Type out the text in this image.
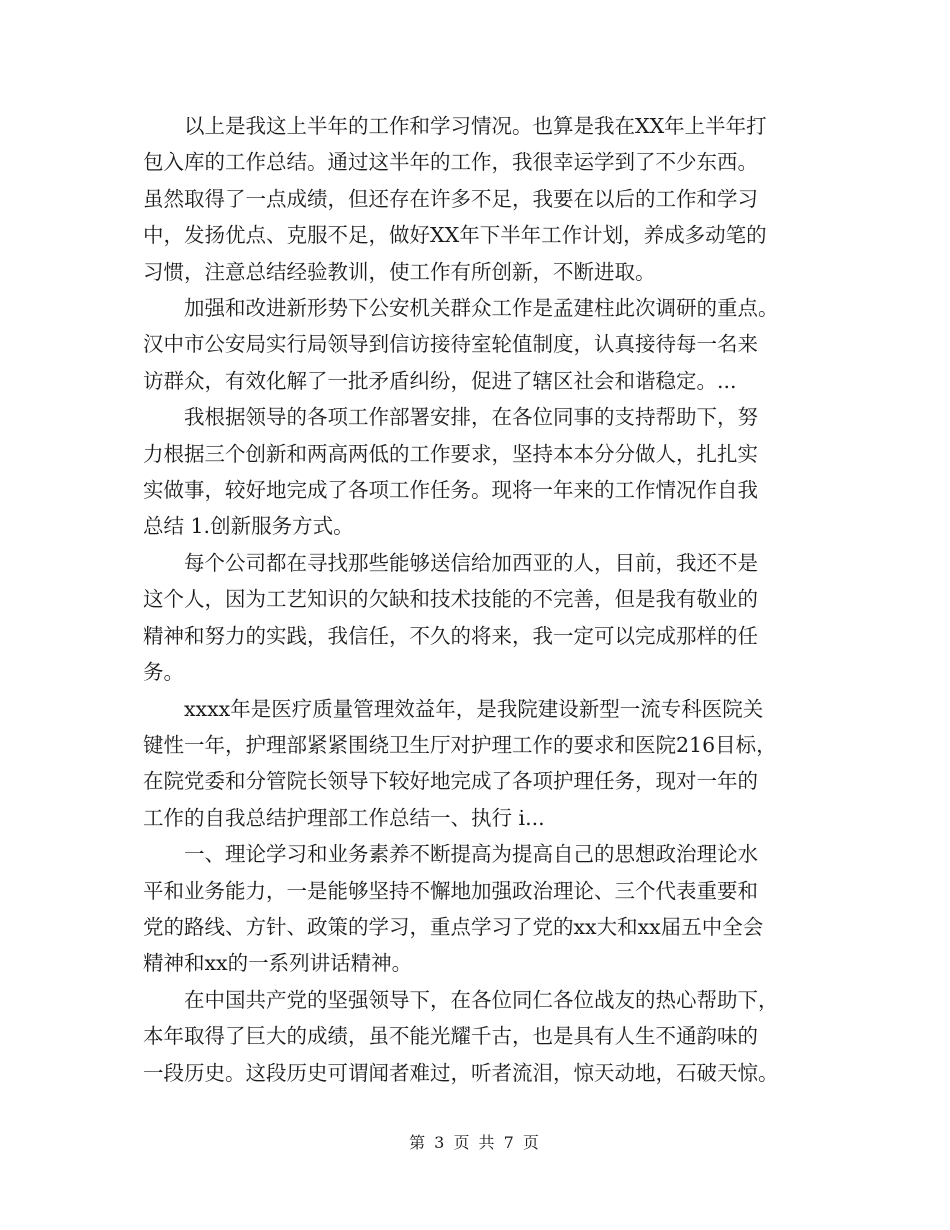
以上是我这上半年的工作和学习情况。也算是我在XX年上半年打
包入库的工作总结。通过这半年的工作，我很幸运学到了不少东西。
虽然取得了一点成绩，但还存在许多不足，我要在以后的工作和学习
中，发扬优点、克服不足，做好XX年下半年工作计划，养成多动笔的
习惯，注意总结经验教训，使工作有所创新，不断进取。
加强和改进新形势下公安机关群众工作是孟建柱此次调研的重点。
汉中市公安局实行局领导到信访接待室轮值制度，认真接待每一名来
访群众，有效化解了一批矛盾纠纷，促进了辖区社会和谐稳定。...
我根据领导的各项工作部署安排，在各位同事的支持帮助下，努
力根据三个创新和两高两低的工作要求，坚持本本分分做人，扎扎实
实做事，较好地完成了各项工作任务。现将一年来的工作情况作自我
总结 1.创新服务方式。
每个公司都在寻找那些能够送信给加西亚的人，目前，我还不是
这个人，因为工艺知识的欠缺和技术技能的不完善，但是我有敬业的
精神和努力的实践，我信任，不久的将来，我一定可以完成那样的任
务。
xxxx年是医疗质量管理效益年，是我院建设新型一流专科医院关
键性一年，护理部紧紧围绕卫生厅对护理工作的要求和医院216目标，
在院党委和分管院长领导下较好地完成了各项护理任务，现对一年的
工作的自我总结护理部工作总结一、执行 i...
一、理论学习和业务素养不断提高为提高自己的思想政治理论水
平和业务能力，一是能够坚持不懈地加强政治理论、三个代表重要和
党的路线、方针、政策的学习，重点学习了党的xx大和xx届五中全会
精神和xx的一系列讲话精神。
在中国共产党的坚强领导下，在各位同仁各位战友的热心帮助下，
本年取得了巨大的成绩，虽不能光耀千古，也是具有人生不通韵味的
一段历史。这段历史可谓闻者难过，听者流泪，惊天动地，石破天惊。
第 3 页 共 7 页
